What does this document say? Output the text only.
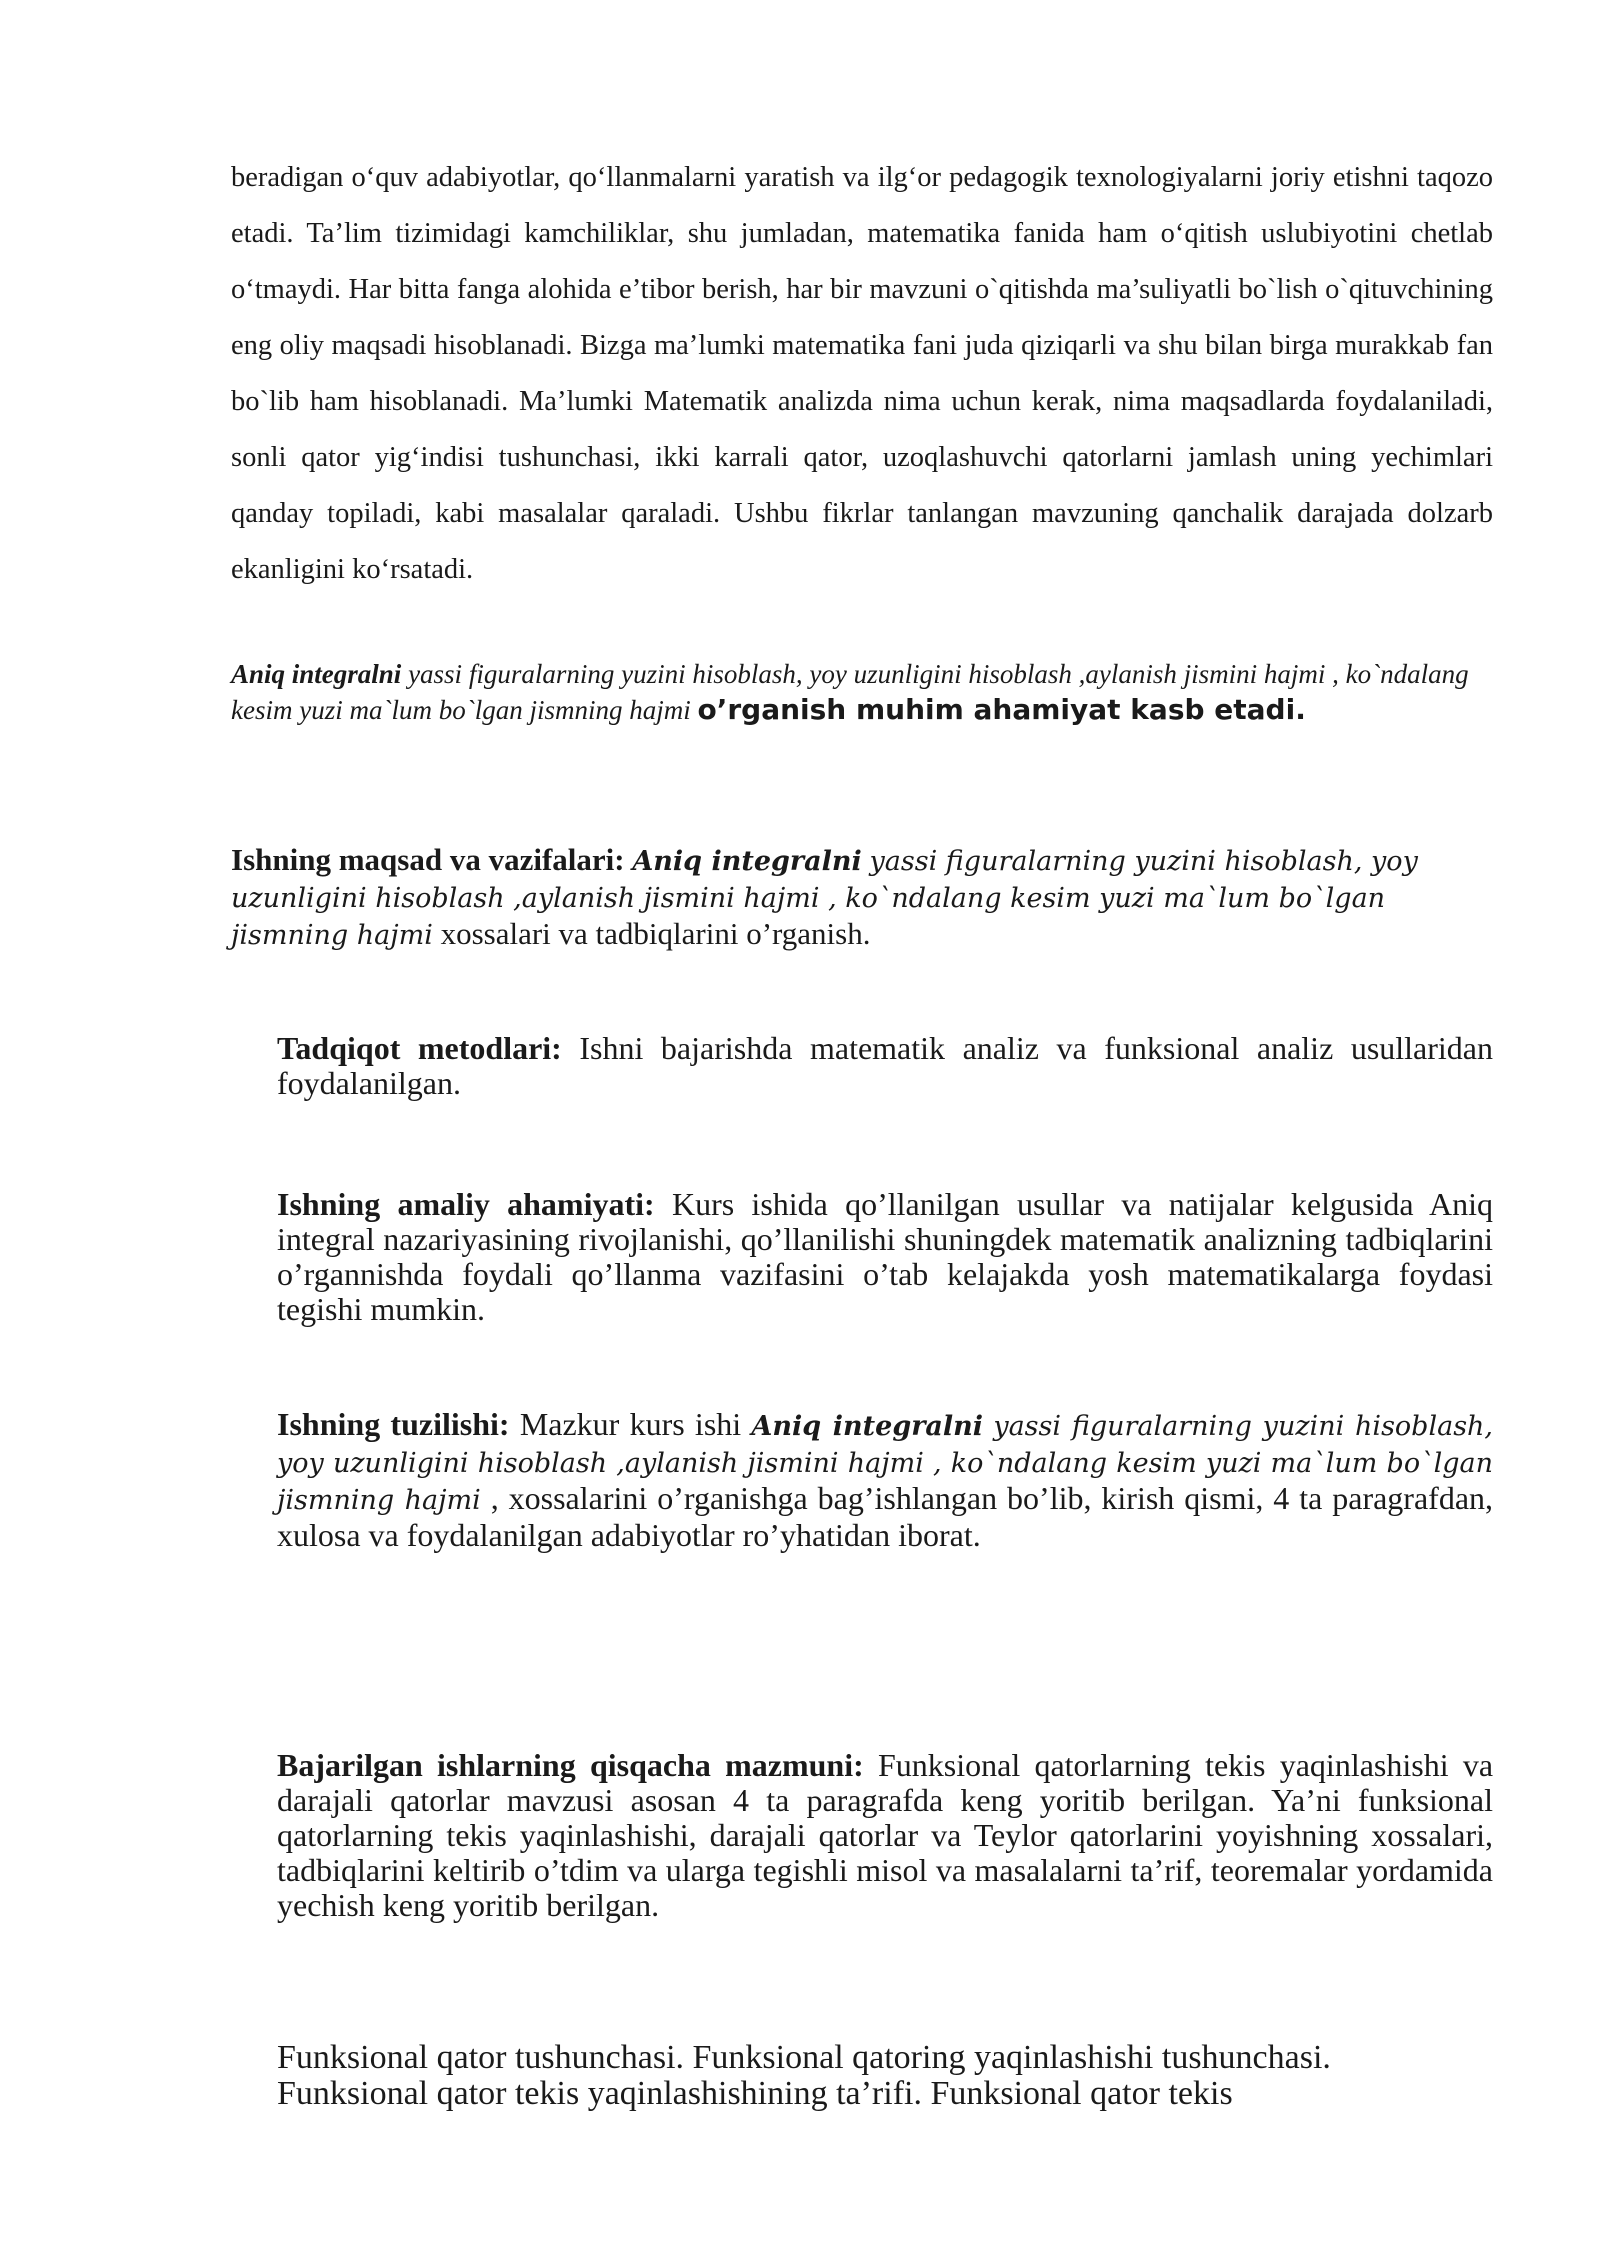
beradigan o‘quv adabiyotlar, qo‘llanmalarni yaratish va ilg‘or pedagogik texnologiyalarni joriy etishni taqozo etadi. Ta’lim tizimidagi kamchiliklar, shu jumladan, matematika fanida ham o‘qitish uslubiyotini chetlab o‘tmaydi. Har bitta fanga alohida e’tibor berish, har bir mavzuni o`qitishda ma’suliyatli bo`lish o`qituvchining eng oliy maqsadi hisoblanadi. Bizga ma’lumki matematika fani juda qiziqarli va shu bilan birga murakkab fan bo`lib ham hisoblanadi. Ma’lumki Matematik analizda nima uchun kerak, nima maqsadlarda foydalaniladi, sonli qator yig‘indisi tushunchasi, ikki karrali qator, uzoqlashuvchi qatorlarni jamlash uning yechimlari qanday topiladi, kabi masalalar qaraladi. Ushbu fikrlar tanlangan mavzuning qanchalik darajada dolzarb ekanligini ko‘rsatadi.

Aniq integralni yassi figuralarning yuzini hisoblash, yoy uzunligini hisoblash ,aylanish jismini hajmi , ko`ndalang kesim yuzi ma`lum bo`lgan jismning hajmi o’rganish muhim ahamiyat kasb etadi.

Ishning maqsad va vazifalari: Aniq integralni yassi figuralarning yuzini hisoblash, yoy uzunligini hisoblash ,aylanish jismini hajmi , ko`ndalang kesim yuzi ma`lum bo`lgan jismning hajmi xossalari va tadbiqlarini o’rganish.

Tadqiqot metodlari: Ishni bajarishda matematik analiz va funksional analiz usullaridan foydalanilgan.

Ishning amaliy ahamiyati: Kurs ishida qo’llanilgan usullar va natijalar kelgusida Aniq integral nazariyasining rivojlanishi, qo’llanilishi shuningdek matematik analizning tadbiqlarini o’rgannishda foydali qo’llanma vazifasini o’tab kelajakda yosh matematikalarga foydasi tegishi mumkin.

Ishning tuzilishi: Mazkur kurs ishi Aniq integralni yassi figuralarning yuzini hisoblash, yoy uzunligini hisoblash ,aylanish jismini hajmi , ko`ndalang kesim yuzi ma`lum bo`lgan jismning hajmi , xossalarini o’rganishga bag’ishlangan bo’lib, kirish qismi, 4 ta paragrafdan, xulosa va foydalanilgan adabiyotlar ro’yhatidan iborat.

Bajarilgan ishlarning qisqacha mazmuni: Funksional qatorlarning tekis yaqinlashishi va darajali qatorlar mavzusi asosan 4 ta paragrafda keng yoritib berilgan. Ya’ni funksional qatorlarning tekis yaqinlashishi, darajali qatorlar va Teylor qatorlarini yoyishning xossalari, tadbiqlarini keltirib o’tdim va ularga tegishli misol va masalalarni ta’rif, teoremalar yordamida yechish keng yoritib berilgan.

Funksional qator tushunchasi. Funksional qatoring yaqinlashishi tushunchasi.
Funksional qator tekis yaqinlashishining ta’rifi. Funksional qator tekis
